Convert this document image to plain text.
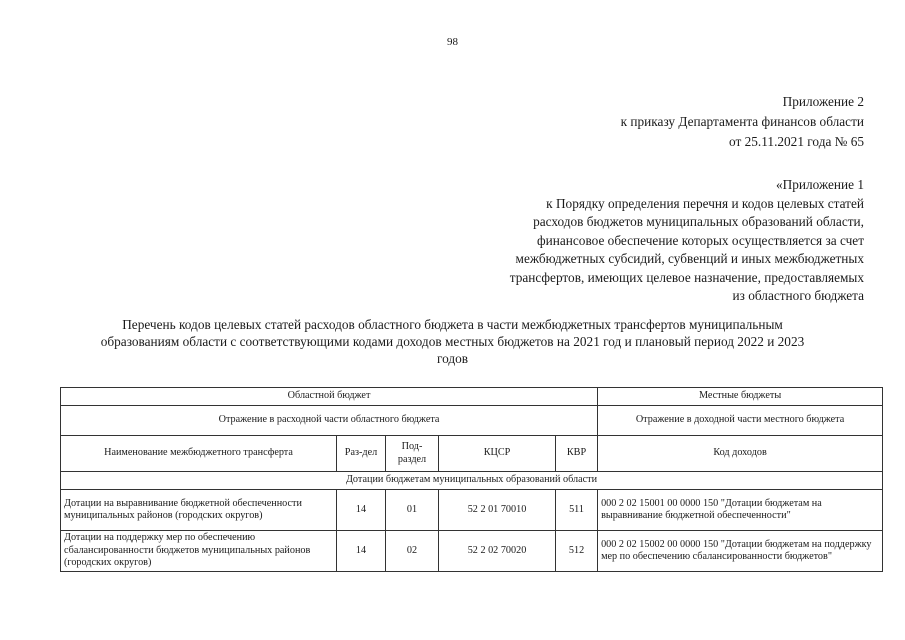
98
Приложение 2
к приказу Департамента финансов области
от 25.11.2021 года № 65
«Приложение 1
к Порядку определения перечня и кодов целевых статей
расходов бюджетов муниципальных образований области,
финансовое обеспечение которых осуществляется за счет
межбюджетных субсидий, субвенций и иных межбюджетных
трансфертов, имеющих целевое назначение, предоставляемых
из областного бюджета
Перечень кодов целевых статей расходов областного бюджета в части межбюджетных трансфертов муниципальным
образованиям области с соответствующими кодами доходов местных бюджетов на 2021 год и плановый период 2022 и 2023
годов
Областной бюджет					Местные бюджеты
Отражение в расходной части областного бюджета					Отражение в доходной части местного бюджета
Наименование межбюджетного трансферта	Раз-дел	Под-раздел	КЦСР	КВР	Код доходов
Дотации бюджетам муниципальных образований области					
Дотации на выравнивание бюджетной обеспеченности муниципальных районов (городских округов)	14	01	52 2 01 70010	511	000 2 02 15001 00 0000 150 "Дотации бюджетам на выравнивание бюджетной обеспеченности"
Дотации на поддержку мер по обеспечению сбалансированности бюджетов муниципальных районов (городских округов)	14	02	52 2 02 70020	512	000 2 02 15002 00 0000 150 "Дотации бюджетам на поддержку мер по обеспечению сбалансированности бюджетов"
